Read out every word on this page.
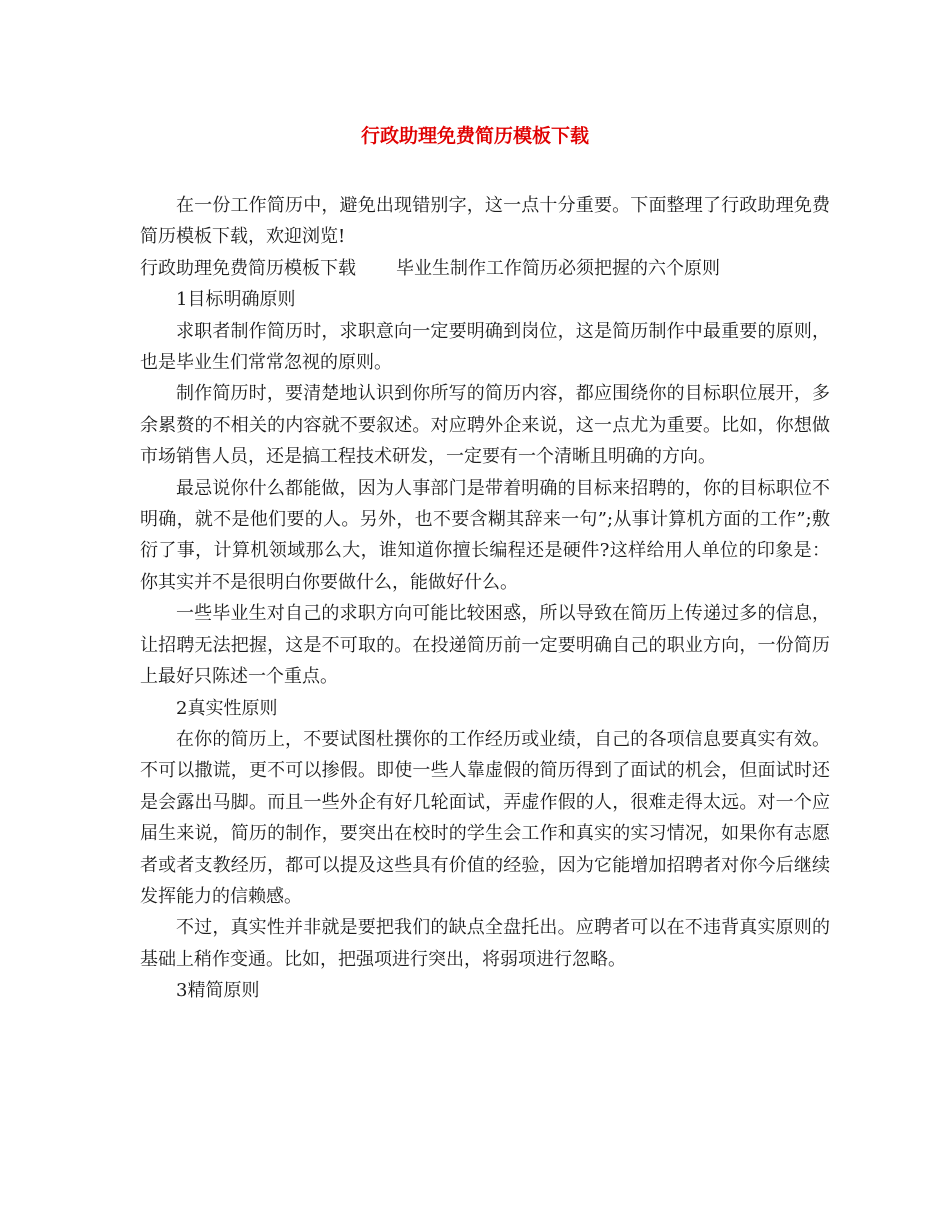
行政助理免费简历模板下载

在一份工作简历中，避免出现错别字，这一点十分重要。下面整理了行政助理免费简历模板下载，欢迎浏览!

行政助理免费简历模板下载 毕业生制作工作简历必须把握的六个原则

1目标明确原则

求职者制作简历时，求职意向一定要明确到岗位，这是简历制作中最重要的原则，也是毕业生们常常忽视的原则。

制作简历时，要清楚地认识到你所写的简历内容，都应围绕你的目标职位展开，多余累赘的不相关的内容就不要叙述。对应聘外企来说，这一点尤为重要。比如，你想做市场销售人员，还是搞工程技术研发，一定要有一个清晰且明确的方向。

最忌说你什么都能做，因为人事部门是带着明确的目标来招聘的，你的目标职位不明确，就不是他们要的人。另外，也不要含糊其辞来一句”;从事计算机方面的工作”;敷衍了事，计算机领域那么大，谁知道你擅长编程还是硬件?这样给用人单位的印象是：你其实并不是很明白你要做什么，能做好什么。

一些毕业生对自己的求职方向可能比较困惑，所以导致在简历上传递过多的信息，让招聘无法把握，这是不可取的。在投递简历前一定要明确自己的职业方向，一份简历上最好只陈述一个重点。

2真实性原则

在你的简历上，不要试图杜撰你的工作经历或业绩，自己的各项信息要真实有效。不可以撒谎，更不可以掺假。即使一些人靠虚假的简历得到了面试的机会，但面试时还是会露出马脚。而且一些外企有好几轮面试，弄虚作假的人，很难走得太远。对一个应届生来说，简历的制作，要突出在校时的学生会工作和真实的实习情况，如果你有志愿者或者支教经历，都可以提及这些具有价值的经验，因为它能增加招聘者对你今后继续发挥能力的信赖感。

不过，真实性并非就是要把我们的缺点全盘托出。应聘者可以在不违背真实原则的基础上稍作变通。比如，把强项进行突出，将弱项进行忽略。

3精简原则
